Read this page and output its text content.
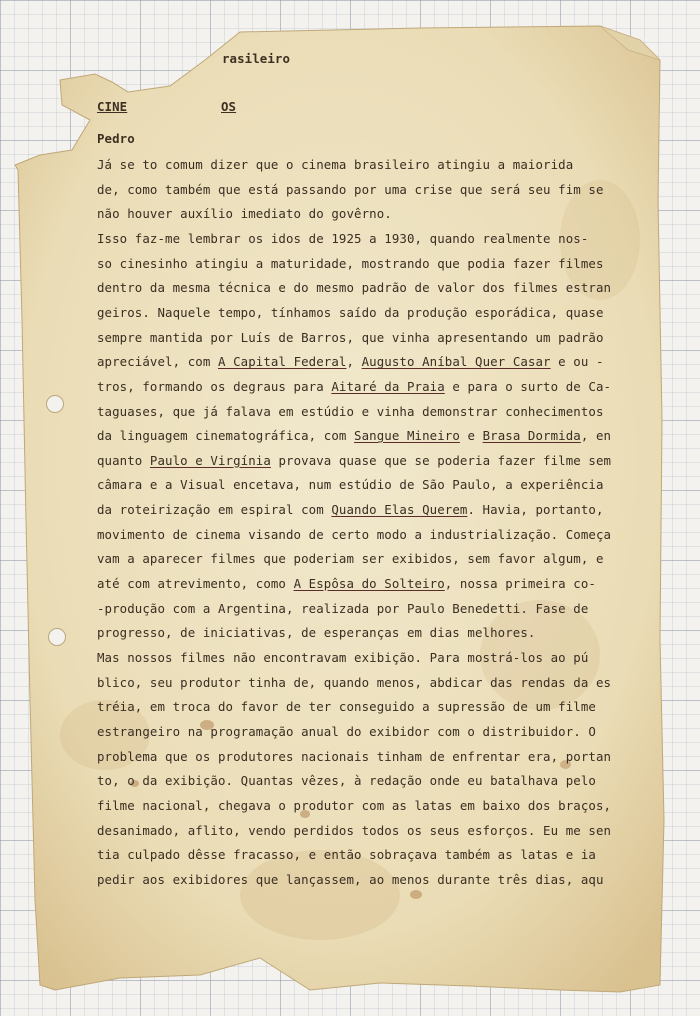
rasileiro
CINE	OS
Pedro
Já se to comum dizer que o cinema brasileiro atingiu a maiorida
de, como também que está passando por uma crise que será seu fim se
não houver auxílio imediato do govêrno.
Isso faz-me lembrar os idos de 1925 a 1930, quando realmente nos-
so cinesinho atingiu a maturidade, mostrando que podia fazer filmes
dentro da mesma técnica e do mesmo padrão de valor dos filmes estran
geiros. Naquele tempo, tínhamos saído da produção esporádica, quase
sempre mantida por Luís de Barros, que vinha apresentando um padrão
apreciável, com A Capital Federal, Augusto Aníbal Quer Casar e ou -
tros, formando os degraus para Aitaré da Praia e para o surto de Ca-
taguases, que já falava em estúdio e vinha demonstrar conhecimentos
da linguagem cinematográfica, com Sangue Mineiro e Brasa Dormida, en
quanto Paulo e Virgínia provava quase que se poderia fazer filme sem
câmara e a Visual encetava, num estúdio de São Paulo, a experiência
da roteirização em espiral com Quando Elas Querem. Havia, portanto,
movimento de cinema visando de certo modo a industrialização. Começa
vam a aparecer filmes que poderiam ser exibidos, sem favor algum, e
até com atrevimento, como A Espôsa do Solteiro, nossa primeira co-
-produção com a Argentina, realizada por Paulo Benedetti. Fase de
progresso, de iniciativas, de esperanças em dias melhores.
Mas nossos filmes não encontravam exibição. Para mostrá-los ao pú
blico, seu produtor tinha de, quando menos, abdicar das rendas da es
tréia, em troca do favor de ter conseguido a supressão de um filme
estrangeiro na programação anual do exibidor com o distribuidor. O
problema que os produtores nacionais tinham de enfrentar era, portan
to, o da exibição. Quantas vêzes, à redação onde eu batalhava pelo
filme nacional, chegava o produtor com as latas em baixo dos braços,
desanimado, aflito, vendo perdidos todos os seus esforços. Eu me sen
tia culpado dêsse fracasso, e então sobraçava também as latas e ia
pedir aos exibidores que lançassem, ao menos durante três dias, aqu
